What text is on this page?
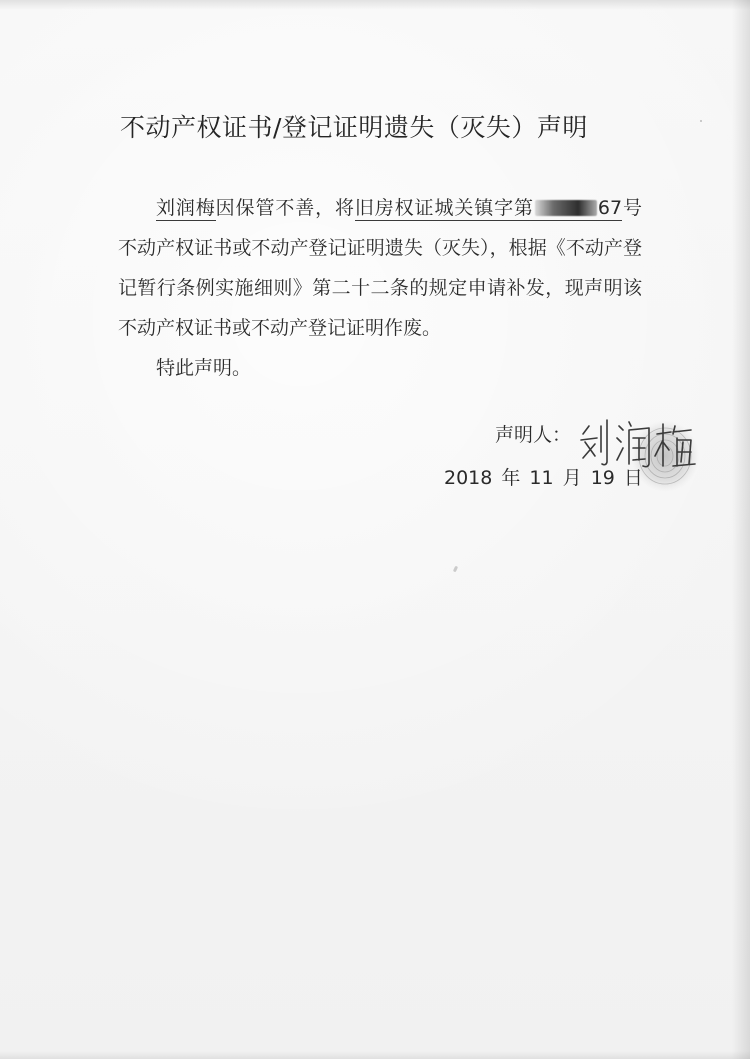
不动产权证书/登记证明遗失（灭失）声明

刘润梅因保管不善，将旧房权证城关镇字第	67号不动产权证书或不动产登记证明遗失（灭失），根据《不动产登记暂行条例实施细则》第二十二条的规定申请补发，现声明该不动产权证书或不动产登记证明作废。

特此声明。

声明人：
2018 年 11 月 19 日
